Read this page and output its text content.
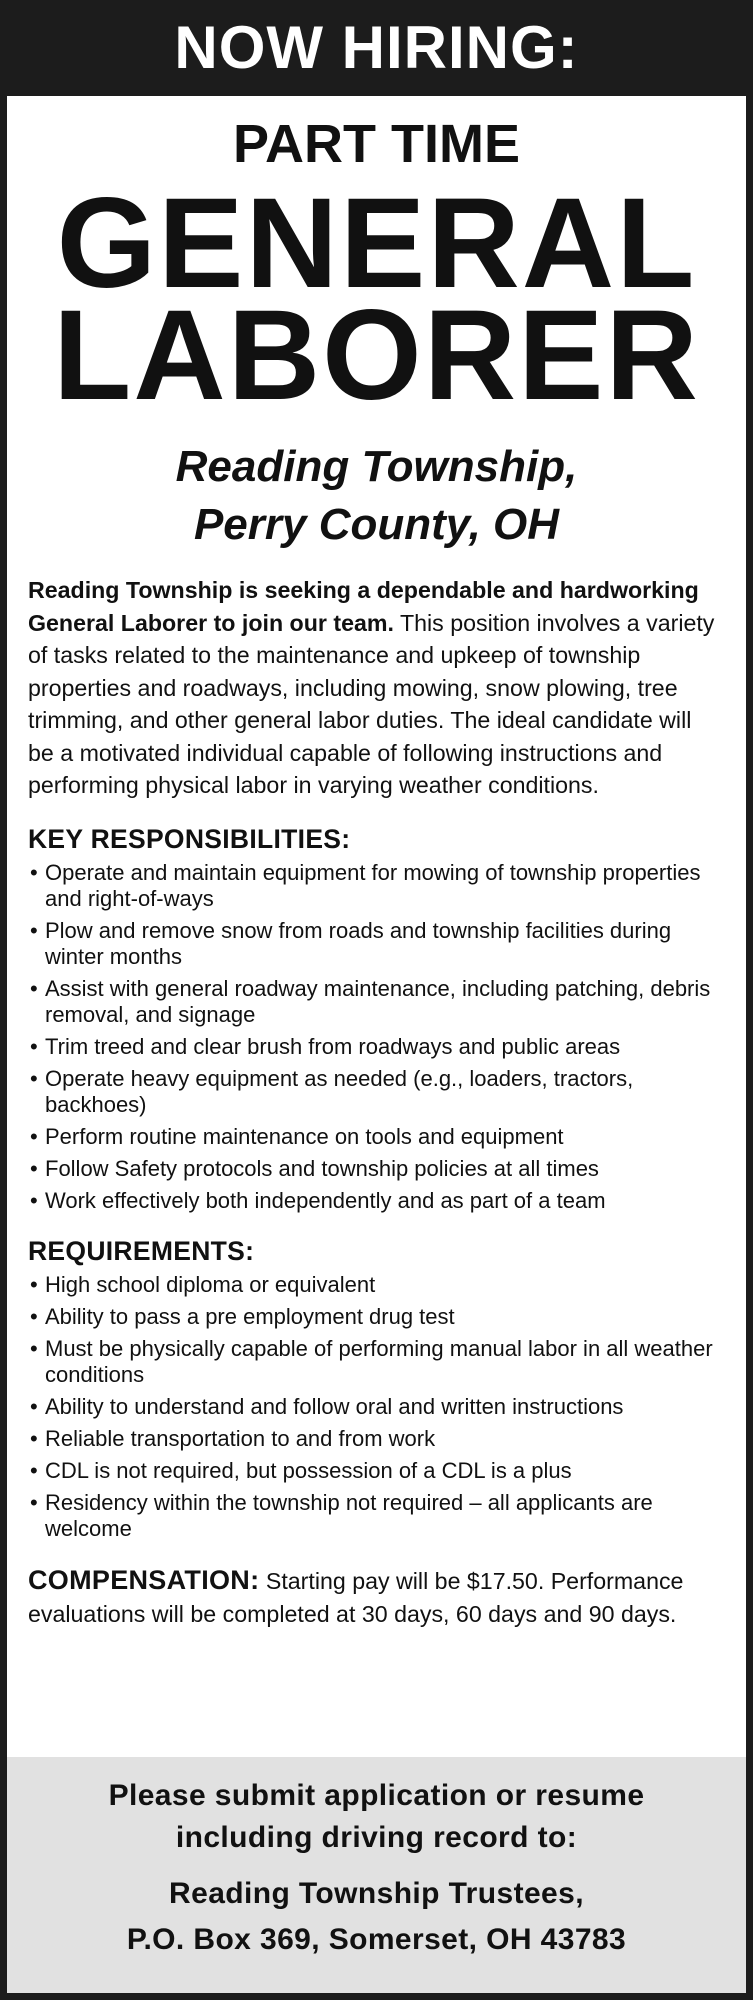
NOW HIRING:
PART TIME
GENERAL
LABORER
Reading Township,
Perry County, OH
Reading Township is seeking a dependable and hardworking General Laborer to join our team. This position involves a variety of tasks related to the maintenance and upkeep of township properties and roadways, including mowing, snow plowing, tree trimming, and other general labor duties. The ideal candidate will be a motivated individual capable of following instructions and performing physical labor in varying weather conditions.
KEY RESPONSIBILITIES:
• Operate and maintain equipment for mowing of township properties and right-of-ways
• Plow and remove snow from roads and township facilities during winter months
• Assist with general roadway maintenance, including patching, debris removal, and signage
• Trim treed and clear brush from roadways and public areas
• Operate heavy equipment as needed (e.g., loaders, tractors, backhoes)
• Perform routine maintenance on tools and equipment
• Follow Safety protocols and township policies at all times
• Work effectively both independently and as part of a team
REQUIREMENTS:
• High school diploma or equivalent
• Ability to pass a pre employment drug test
• Must be physically capable of performing manual labor in all weather conditions
• Ability to understand and follow oral and written instructions
• Reliable transportation to and from work
• CDL is not required, but possession of a CDL is a plus
• Residency within the township not required – all applicants are welcome
COMPENSATION: Starting pay will be $17.50. Performance evaluations will be completed at 30 days, 60 days and 90 days.
Please submit application or resume
including driving record to:
Reading Township Trustees,
P.O. Box 369, Somerset, OH 43783
